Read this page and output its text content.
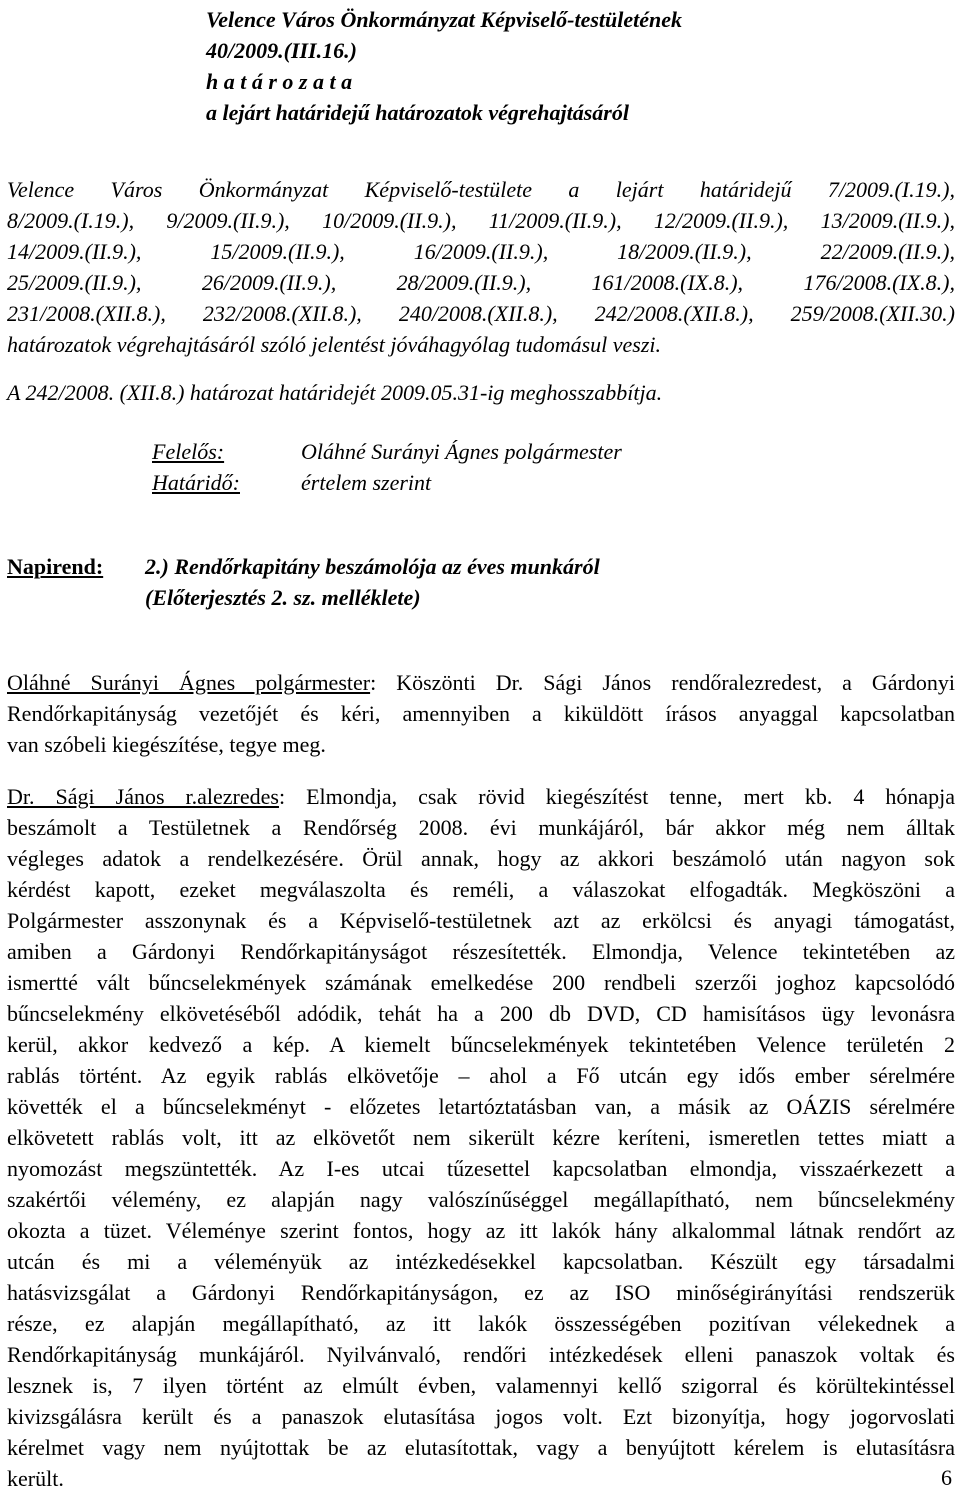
Velence Város Önkormányzat Képviselő-testületének
40/2009.(III.16.)
h a t á r o z a t a
a lejárt határidejű határozatok végrehajtásáról
Velence Város Önkormányzat Képviselő-testülete a lejárt határidejű 7/2009.(I.19.),
8/2009.(I.19.), 9/2009.(II.9.), 10/2009.(II.9.), 11/2009.(II.9.), 12/2009.(II.9.), 13/2009.(II.9.),
14/2009.(II.9.), 15/2009.(II.9.), 16/2009.(II.9.), 18/2009.(II.9.), 22/2009.(II.9.),
25/2009.(II.9.), 26/2009.(II.9.), 28/2009.(II.9.), 161/2008.(IX.8.), 176/2008.(IX.8.),
231/2008.(XII.8.), 232/2008.(XII.8.), 240/2008.(XII.8.), 242/2008.(XII.8.), 259/2008.(XII.30.)
határozatok végrehajtásáról szóló jelentést jóváhagyólag tudomásul veszi.
A 242/2008. (XII.8.) határozat határidejét 2009.05.31-ig meghosszabbítja.
Felelős:	Oláhné Surányi Ágnes polgármester
Határidő:	értelem szerint
Napirend:	2.) Rendőrkapitány beszámolója az éves munkáról
(Előterjesztés 2. sz. melléklete)
Oláhné Surányi Ágnes polgármester: Köszönti Dr. Sági János rendőralezredest, a Gárdonyi
Rendőrkapitányság vezetőjét és kéri, amennyiben a kiküldött írásos anyaggal kapcsolatban
van szóbeli kiegészítése, tegye meg.
Dr. Sági János r.alezredes: Elmondja, csak rövid kiegészítést tenne, mert kb. 4 hónapja
beszámolt a Testületnek a Rendőrség 2008. évi munkájáról, bár akkor még nem álltak
végleges adatok a rendelkezésére. Örül annak, hogy az akkori beszámoló után nagyon sok
kérdést kapott, ezeket megválaszolta és reméli, a válaszokat elfogadták. Megköszöni a
Polgármester asszonynak és a Képviselő-testületnek azt az erkölcsi és anyagi támogatást,
amiben a Gárdonyi Rendőrkapitányságot részesítették. Elmondja, Velence tekintetében az
ismertté vált bűncselekmények számának emelkedése 200 rendbeli szerzői joghoz kapcsolódó
bűncselekmény elkövetéséből adódik, tehát ha a 200 db DVD, CD hamisításos ügy levonásra
kerül, akkor kedvező a kép. A kiemelt bűncselekmények tekintetében Velence területén 2
rablás történt. Az egyik rablás elkövetője – ahol a Fő utcán egy idős ember sérelmére
követték el a bűncselekményt - előzetes letartóztatásban van, a másik az OÁZIS sérelmére
elkövetett rablás volt, itt az elkövetőt nem sikerült kézre keríteni, ismeretlen tettes miatt a
nyomozást megszüntették. Az I-es utcai tűzesettel kapcsolatban elmondja, visszaérkezett a
szakértői vélemény, ez alapján nagy valószínűséggel megállapítható, nem bűncselekmény
okozta a tüzet. Véleménye szerint fontos, hogy az itt lakók hány alkalommal látnak rendőrt az
utcán és mi a véleményük az intézkedésekkel kapcsolatban. Készült egy társadalmi
hatásvizsgálat a Gárdonyi Rendőrkapitányságon, ez az ISO minőségirányítási rendszerük
része, ez alapján megállapítható, az itt lakók összességében pozitívan vélekednek a
Rendőrkapitányság munkájáról. Nyilvánvaló, rendőri intézkedések elleni panaszok voltak és
lesznek is, 7 ilyen történt az elmúlt évben, valamennyi kellő szigorral és körültekintéssel
kivizsgálásra került és a panaszok elutasítása jogos volt. Ezt bizonyítja, hogy jogorvoslati
kérelmet vagy nem nyújtottak be az elutasítottak, vagy a benyújtott kérelem is elutasításra
került.	6
